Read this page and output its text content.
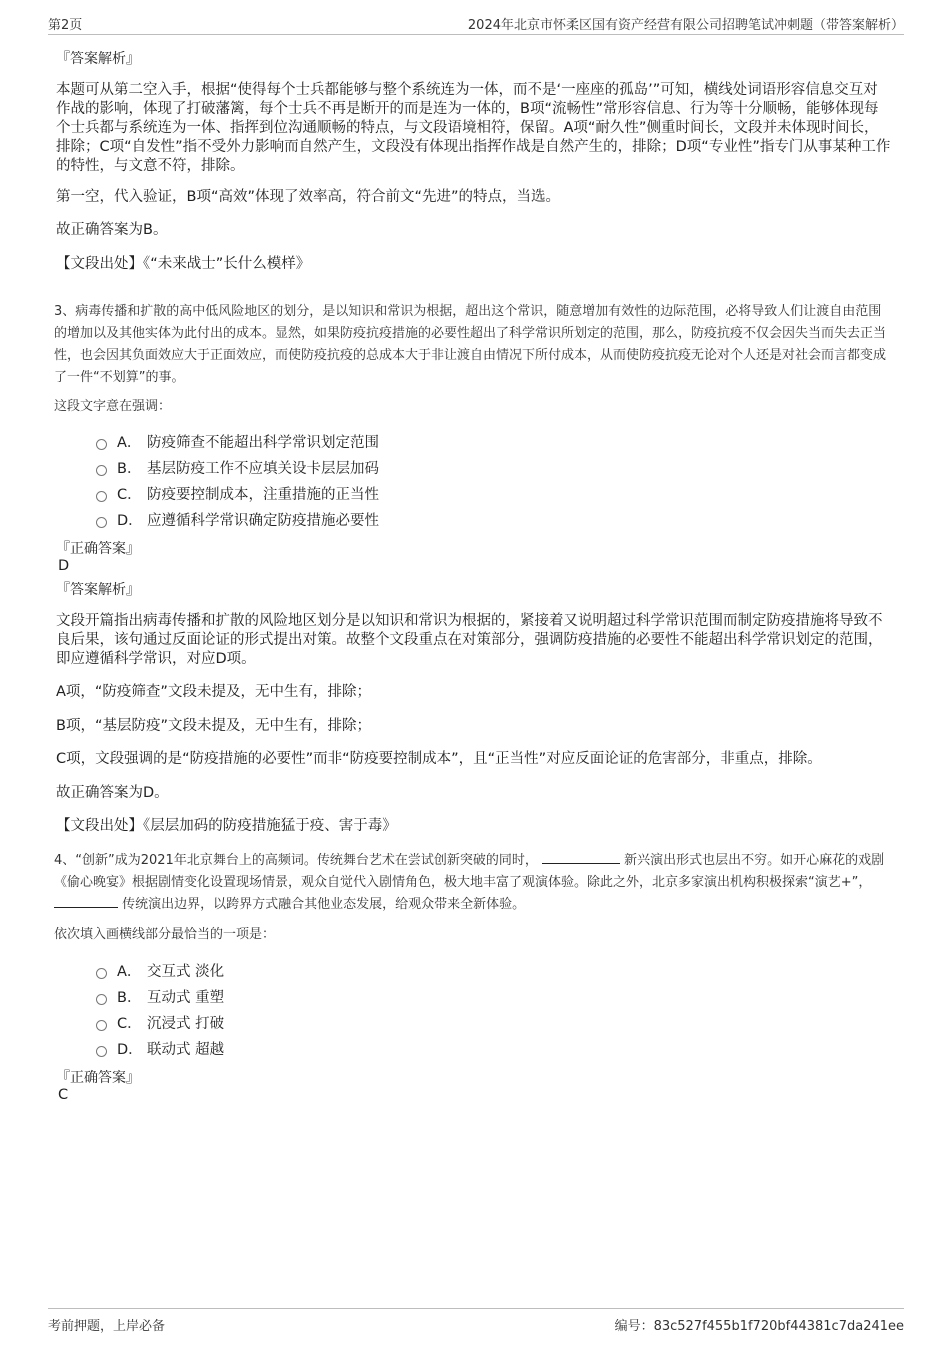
第2页	2024年北京市怀柔区国有资产经营有限公司招聘笔试冲刺题（带答案解析）
『答案解析』
本题可从第二空入手，根据“使得每个士兵都能够与整个系统连为一体，而不是‘一座座的孤岛’”可知，横线处词语形容信息交互对作战的影响，体现了打破藩篱，每个士兵不再是断开的而是连为一体的，B项“流畅性”常形容信息、行为等十分顺畅，能够体现每个士兵都与系统连为一体、指挥到位沟通顺畅的特点，与文段语境相符，保留。A项“耐久性”侧重时间长，文段并未体现时间长，排除；C项“自发性”指不受外力影响而自然产生，文段没有体现出指挥作战是自然产生的，排除；D项“专业性”指专门从事某种工作的特性，与文意不符，排除。
第一空，代入验证，B项“高效”体现了效率高，符合前文“先进”的特点，当选。
故正确答案为B。
【文段出处】《“未来战士”长什么模样》
3、病毒传播和扩散的高中低风险地区的划分，是以知识和常识为根据，超出这个常识，随意增加有效性的边际范围，必将导致人们让渡自由范围的增加以及其他实体为此付出的成本。显然，如果防疫抗疫措施的必要性超出了科学常识所划定的范围，那么，防疫抗疫不仅会因失当而失去正当性，也会因其负面效应大于正面效应，而使防疫抗疫的总成本大于非让渡自由情况下所付成本，从而使防疫抗疫无论对个人还是对社会而言都变成了一件“不划算”的事。
这段文字意在强调：
A． 防疫筛查不能超出科学常识划定范围
B． 基层防疫工作不应填关设卡层层加码
C． 防疫要控制成本，注重措施的正当性
D． 应遵循科学常识确定防疫措施必要性
『正确答案』
D
『答案解析』
文段开篇指出病毒传播和扩散的风险地区划分是以知识和常识为根据的，紧接着又说明超过科学常识范围而制定防疫措施将导致不良后果，该句通过反面论证的形式提出对策。故整个文段重点在对策部分，强调防疫措施的必要性不能超出科学常识划定的范围，即应遵循科学常识，对应D项。
A项，“防疫筛查”文段未提及，无中生有，排除；
B项，“基层防疫”文段未提及，无中生有，排除；
C项，文段强调的是“防疫措施的必要性”而非“防疫要控制成本”，且“正当性”对应反面论证的危害部分，非重点，排除。
故正确答案为D。
【文段出处】《层层加码的防疫措施猛于疫、害于毒》
4、“创新”成为2021年北京舞台上的高频词。传统舞台艺术在尝试创新突破的同时，	新兴演出形式也层出不穷。如开心麻花的戏剧《偷心晚宴》根据剧情变化设置现场情景，观众自觉代入剧情角色，极大地丰富了观演体验。除此之外，北京多家演出机构积极探索“演艺+”，  传统演出边界，以跨界方式融合其他业态发展，给观众带来全新体验。
依次填入画横线部分最恰当的一项是：
A． 交互式 淡化
B． 互动式 重塑
C． 沉浸式 打破
D． 联动式 超越
『正确答案』
C
考前押题，上岸必备	编号：83c527f455b1f720bf44381c7da241ee
